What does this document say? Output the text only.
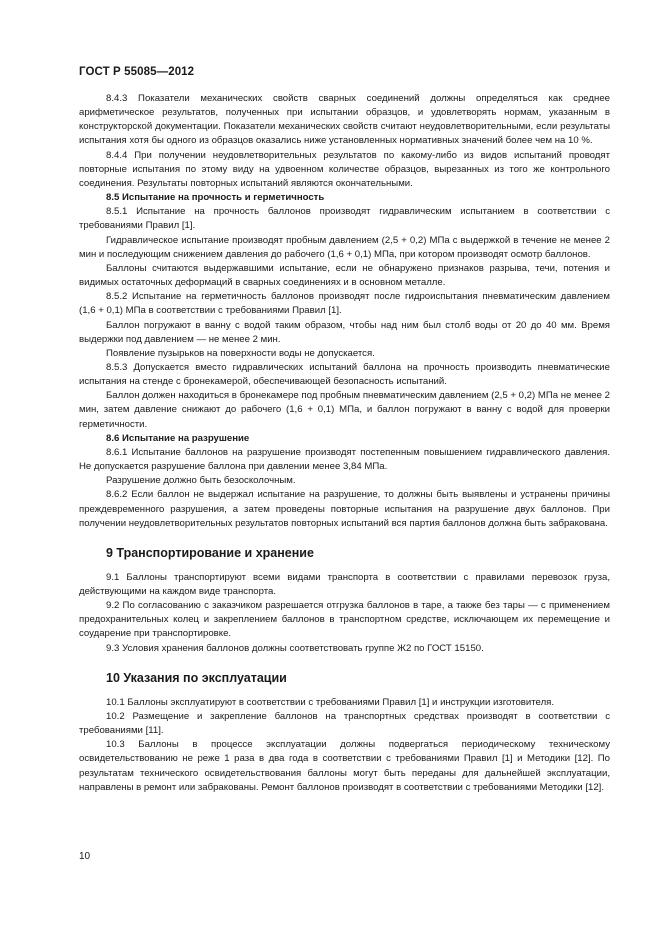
ГОСТ Р 55085—2012

8.4.3 Показатели механических свойств сварных соединений должны определяться как среднее арифметическое результатов, полученных при испытании образцов, и удовлетворять нормам, указанным в конструкторской документации. Показатели механических свойств считают неудовлетворительными, если результаты испытания хотя бы одного из образцов оказались ниже установленных нормативных значений более чем на 10 %.

8.4.4 При получении неудовлетворительных результатов по какому-либо из видов испытаний проводят повторные испытания по этому виду на удвоенном количестве образцов, вырезанных из того же контрольного соединения. Результаты повторных испытаний являются окончательными.

8.5 Испытание на прочность и герметичность

8.5.1 Испытание на прочность баллонов производят гидравлическим испытанием в соответствии с требованиями Правил [1].

Гидравлическое испытание производят пробным давлением (2,5 + 0,2) МПа с выдержкой в течение не менее 2 мин и последующим снижением давления до рабочего (1,6 + 0,1) МПа, при котором производят осмотр баллонов.

Баллоны считаются выдержавшими испытание, если не обнаружено признаков разрыва, течи, потения и видимых остаточных деформаций в сварных соединениях и в основном металле.

8.5.2 Испытание на герметичность баллонов производят после гидроиспытания пневматическим давлением (1,6 + 0,1) МПа в соответствии с требованиями Правил [1].

Баллон погружают в ванну с водой таким образом, чтобы над ним был столб воды от 20 до 40 мм. Время выдержки под давлением — не менее 2 мин.

Появление пузырьков на поверхности воды не допускается.

8.5.3 Допускается вместо гидравлических испытаний баллона на прочность производить пневматические испытания на стенде с бронекамерой, обеспечивающей безопасность испытаний.

Баллон должен находиться в бронекамере под пробным пневматическим давлением (2,5 + 0,2) МПа не менее 2 мин, затем давление снижают до рабочего (1,6 + 0,1) МПа, и баллон погружают в ванну с водой для проверки герметичности.

8.6 Испытание на разрушение

8.6.1 Испытание баллонов на разрушение производят постепенным повышением гидравлического давления. Не допускается разрушение баллона при давлении менее 3,84 МПа.

Разрушение должно быть безосколочным.

8.6.2 Если баллон не выдержал испытание на разрушение, то должны быть выявлены и устранены причины преждевременного разрушения, а затем проведены повторные испытания на разрушение двух баллонов. При получении неудовлетворительных результатов повторных испытаний вся партия баллонов должна быть забракована.

9 Транспортирование и хранение

9.1 Баллоны транспортируют всеми видами транспорта в соответствии с правилами перевозок груза, действующими на каждом виде транспорта.

9.2 По согласованию с заказчиком разрешается отгрузка баллонов в таре, а также без тары — с применением предохранительных колец и закреплением баллонов в транспортном средстве, исключающем их перемещение и соударение при транспортировке.

9.3 Условия хранения баллонов должны соответствовать группе Ж2 по ГОСТ 15150.

10 Указания по эксплуатации

10.1 Баллоны эксплуатируют в соответствии с требованиями Правил [1] и инструкции изготовителя.

10.2 Размещение и закрепление баллонов на транспортных средствах производят в соответствии с требованиями [11].

10.3 Баллоны в процессе эксплуатации должны подвергаться периодическому техническому освидетельствованию не реже 1 раза в два года в соответствии с требованиями Правил [1] и Методики [12]. По результатам технического освидетельствования баллоны могут быть переданы для дальнейшей эксплуатации, направлены в ремонт или забракованы. Ремонт баллонов производят в соответствии с требованиями Методики [12].

10
